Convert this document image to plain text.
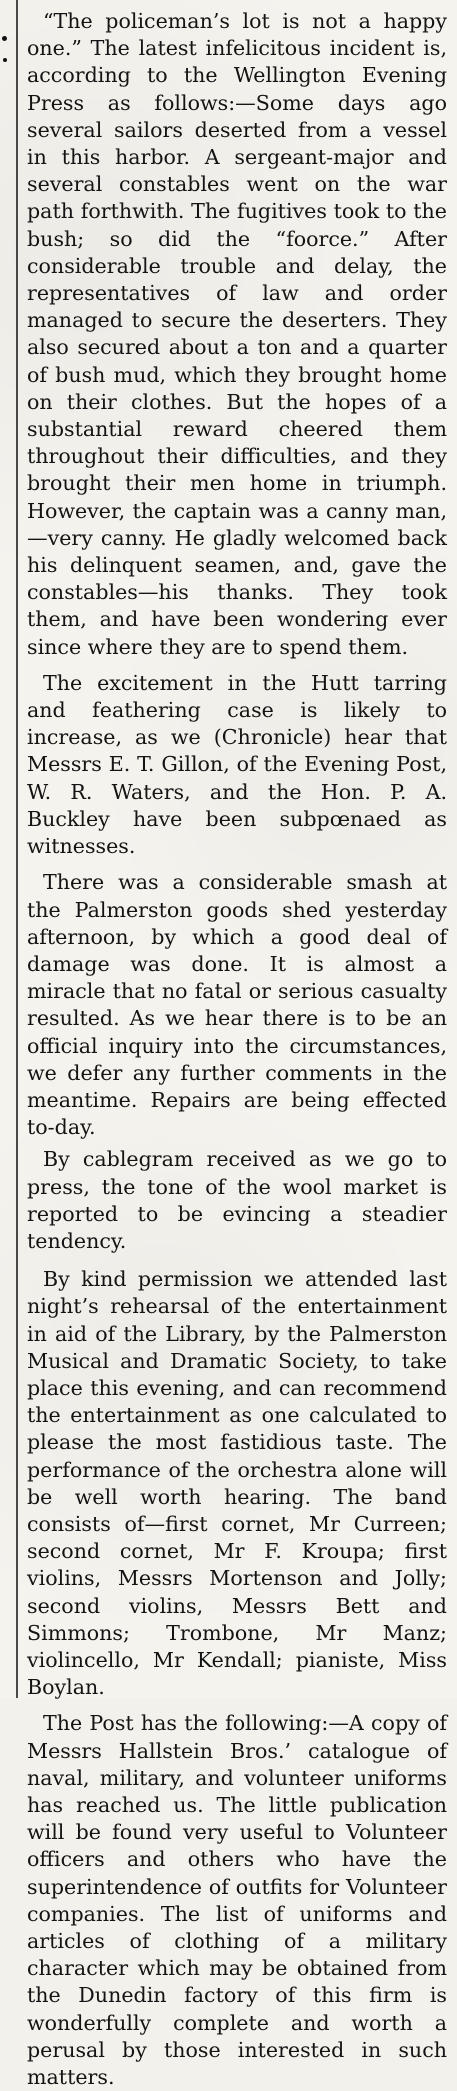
“The policeman’s lot is not a happy one.” The latest infelicitous incident is, according to the Wellington Evening Press as follows:—Some days ago several sailors deserted from a vessel in this harbor. A sergeant-major and several constables went on the war path forthwith. The fugitives took to the bush; so did the “foorce.” After considerable trouble and delay, the representatives of law and order managed to secure the deserters. They also secured about a ton and a quarter of bush mud, which they brought home on their clothes. But the hopes of a substantial reward cheered them throughout their difficulties, and they brought their men home in triumph. However, the captain was a canny man,—very canny. He gladly welcomed back his delinquent seamen, and, gave the constables—his thanks. They took them, and have been wondering ever since where they are to spend them.

The excitement in the Hutt tarring and feathering case is likely to increase, as we (Chronicle) hear that Messrs E. T. Gillon, of the Evening Post, W. R. Waters, and the Hon. P. A. Buckley have been subpœnaed as witnesses.

There was a considerable smash at the Palmerston goods shed yesterday afternoon, by which a good deal of damage was done. It is almost a miracle that no fatal or serious casualty resulted. As we hear there is to be an official inquiry into the circumstances, we defer any further comments in the meantime. Repairs are being effected to-day.

By cablegram received as we go to press, the tone of the wool market is reported to be evincing a steadier tendency.

By kind permission we attended last night’s rehearsal of the entertainment in aid of the Library, by the Palmerston Musical and Dramatic Society, to take place this evening, and can recommend the entertainment as one calculated to please the most fastidious taste. The performance of the orchestra alone will be well worth hearing. The band consists of—first cornet, Mr Curreen; second cornet, Mr F. Kroupa; first violins, Messrs Mortenson and Jolly; second violins, Messrs Bett and Simmons; Trombone, Mr Manz; violincello, Mr Kendall; pianiste, Miss Boylan.

The Post has the following:—A copy of Messrs Hallstein Bros.’ catalogue of naval, military, and volunteer uniforms has reached us. The little publication will be found very useful to Volunteer officers and others who have the superintendence of outfits for Volunteer companies. The list of uniforms and articles of clothing of a military character which may be obtained from the Dunedin factory of this firm is wonderfully complete and worth a perusal by those interested in such matters.
